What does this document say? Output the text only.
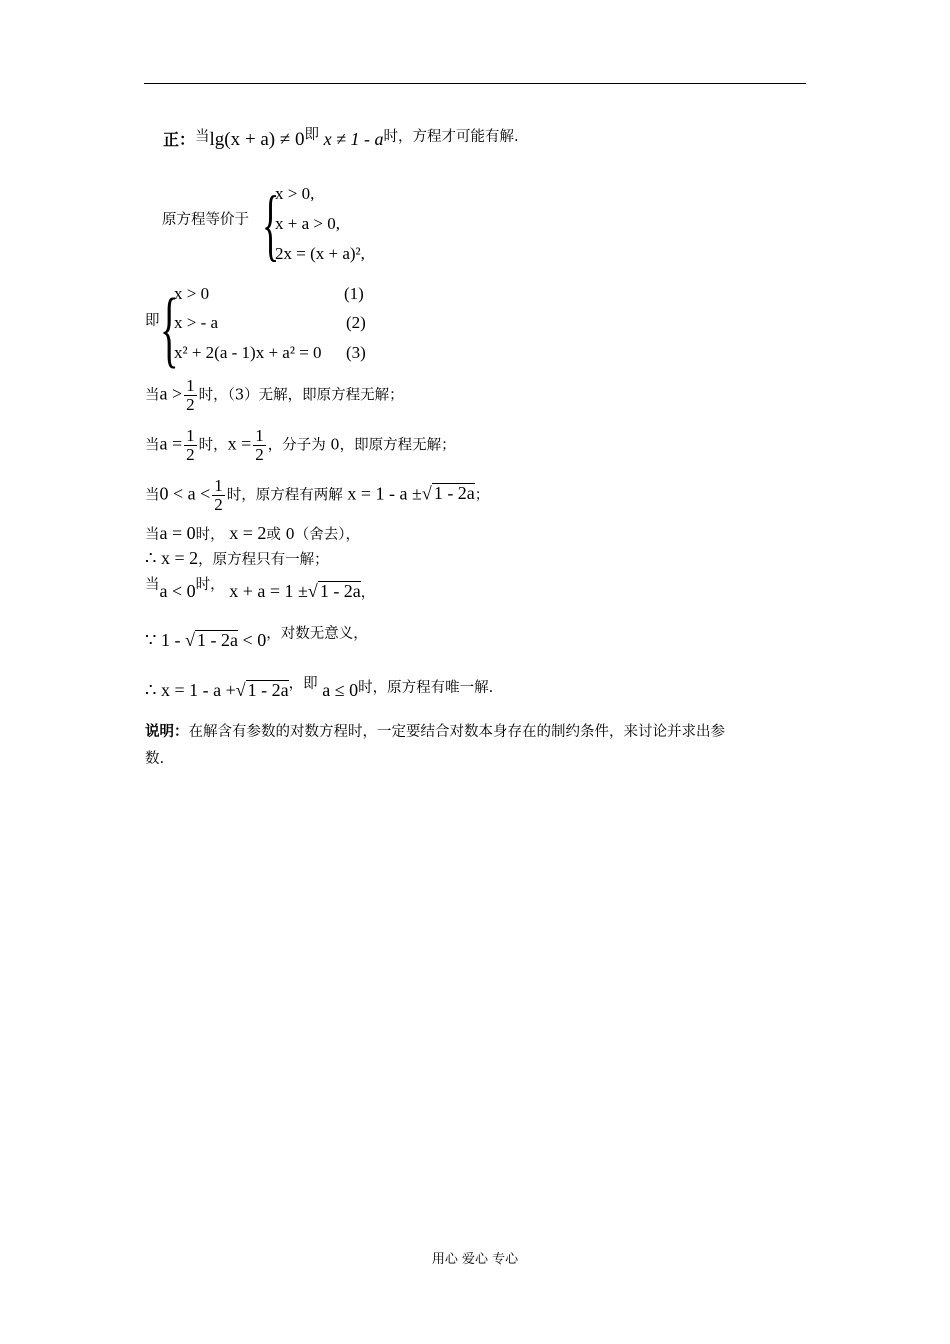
正：当lg(x + a) ≠ 0即 x ≠ 1 - a时，方程才可能有解.
原方程等价于 {
x > 0,
x + a > 0,
2x = (x + a)²,
即 {
x > 0
x > - a
x² + 2(a - 1)x + a² = 0
(1)
(2)
(3)
当$a > \frac{1}{2}$ 时，（3）无解，即原方程无解；
当$a = \frac{1}{2}$ 时，$x = \frac{1}{2}$ ，分子为 0，即原方程无解；
当$0 < a < \frac{1}{2}$ 时，原方程有两解 x = 1 - a ±√ 1 - 2a；
当a = 0时， x = 2或 0（舍去），
∴ x = 2，原方程只有一解；
当a < 0时， x + a = 1 ±√ 1 - 2a，
∵ 1 - √ 1 - 2a < 0，对数无意义，
∴ x = 1 - a +√ 1 - 2a，即 a ≤ 0时，原方程有唯一解.
说明：在解含有参数的对数方程时，一定要结合对数本身存在的制约条件，来讨论并求出参
数.
用心 爱心 专心
